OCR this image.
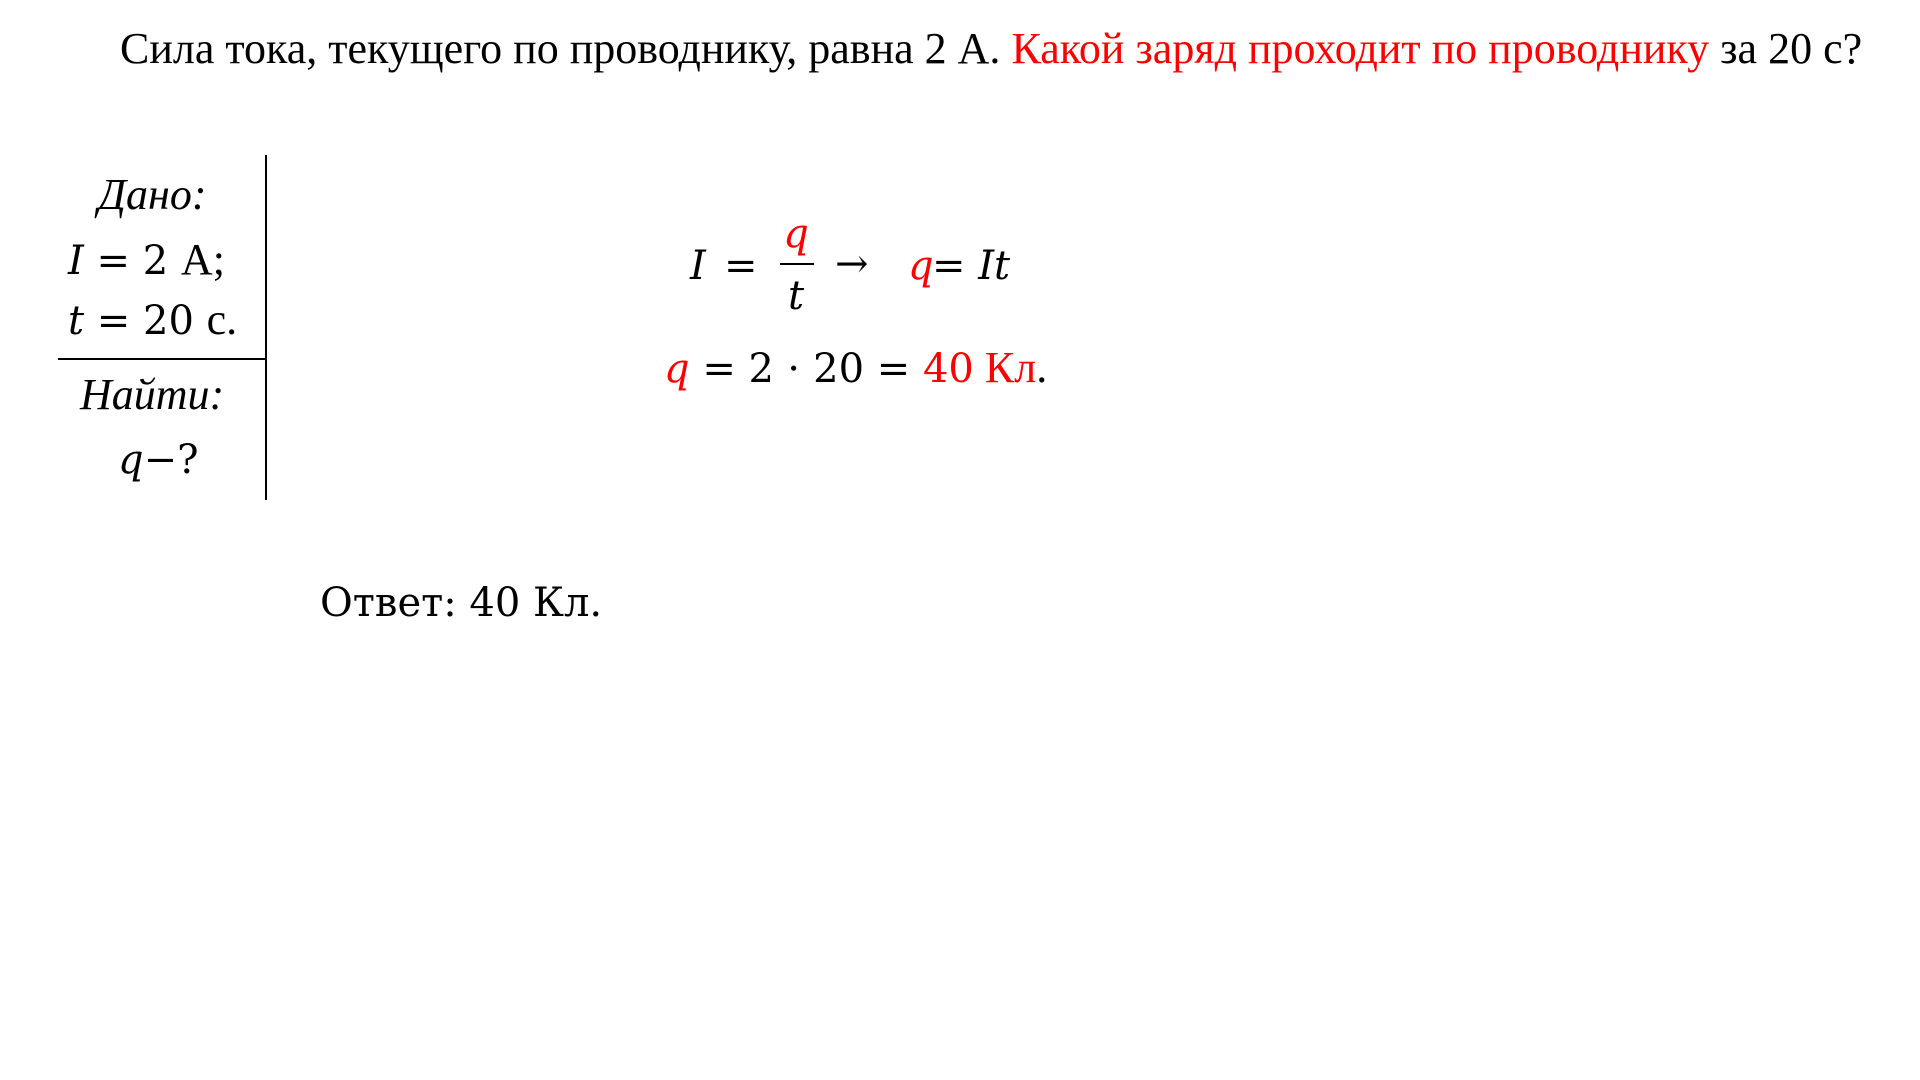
Сила тока, текущего по проводнику, равна 2 А. Какой заряд проходит по проводнику за 20 с?
Дано:
I = 2 А;
t = 20 с.
Найти:
q−?
I =
q
t
→ q
= It
q = 2 ⋅ 20 = 40 Кл.
Ответ: 40 Кл.
